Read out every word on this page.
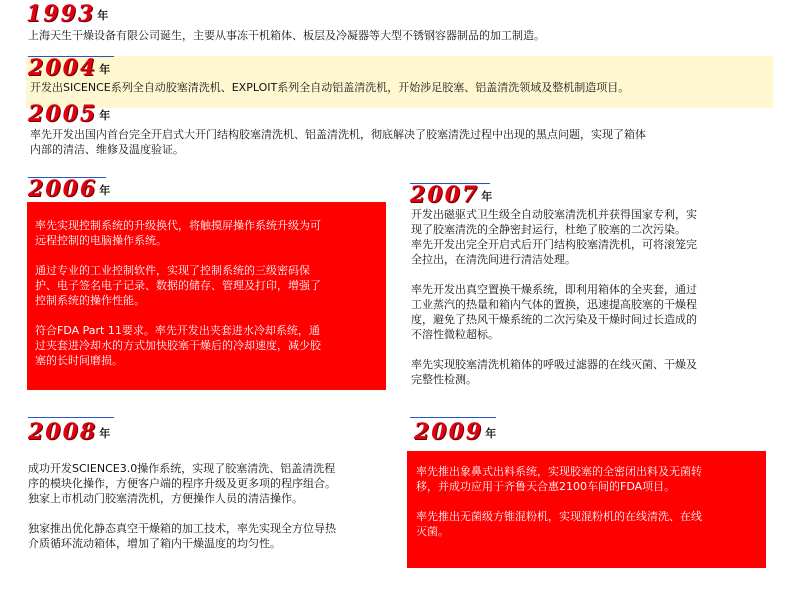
1993 年

上海天生干燥设备有限公司诞生，主要从事冻干机箱体、板层及冷凝器等大型不锈钢容器制品的加工制造。

2004 年

开发出SICENCE系列全自动胶塞清洗机、EXPLOIT系列全自动铝盖清洗机，开始涉足胶塞、铝盖清洗领域及整机制造项目。

2005 年

率先开发出国内首台完全开启式大开门结构胶塞清洗机、铝盖清洗机，彻底解决了胶塞清洗过程中出现的黑点问题，实现了箱体

内部的清洁、维修及温度验证。

2006 年

率先实现控制系统的升级换代，将触摸屏操作系统升级为可

远程控制的电脑操作系统。

通过专业的工业控制软件，实现了控制系统的三级密码保

护、电子签名电子记录、数据的储存、管理及打印，增强了

控制系统的操作性能。

符合FDA Part 11要求。率先开发出夹套进水冷却系统，通

过夹套进冷却水的方式加快胶塞干燥后的冷却速度，减少胶

塞的长时间磨损。

2007 年

开发出磁驱式卫生级全自动胶塞清洗机并获得国家专利，实

现了胶塞清洗的全静密封运行，杜绝了胶塞的二次污染。

率先开发出完全开启式后开门结构胶塞清洗机，可将滚笼完

全拉出，在清洗间进行清洁处理。

率先开发出真空置换干燥系统，即利用箱体的全夹套，通过

工业蒸汽的热量和箱内气体的置换，迅速提高胶塞的干燥程

度，避免了热风干燥系统的二次污染及干燥时间过长造成的

不溶性微粒超标。

率先实现胶塞清洗机箱体的呼吸过滤器的在线灭菌、干燥及

完整性检测。

2008 年

成功开发SCIENCE3.0操作系统，实现了胶塞清洗、铝盖清洗程

序的模块化操作，方便客户端的程序升级及更多项的程序组合。

独家上市机动门胶塞清洗机，方便操作人员的清洁操作。

独家推出优化静态真空干燥箱的加工技术，率先实现全方位导热

介质循环流动箱体，增加了箱内干燥温度的均匀性。

2009 年

率先推出象鼻式出料系统，实现胶塞的全密闭出料及无菌转

移，并成功应用于齐鲁天合惠2100车间的FDA项目。

率先推出无菌级方锥混粉机，实现混粉机的在线清洗、在线

灭菌。
